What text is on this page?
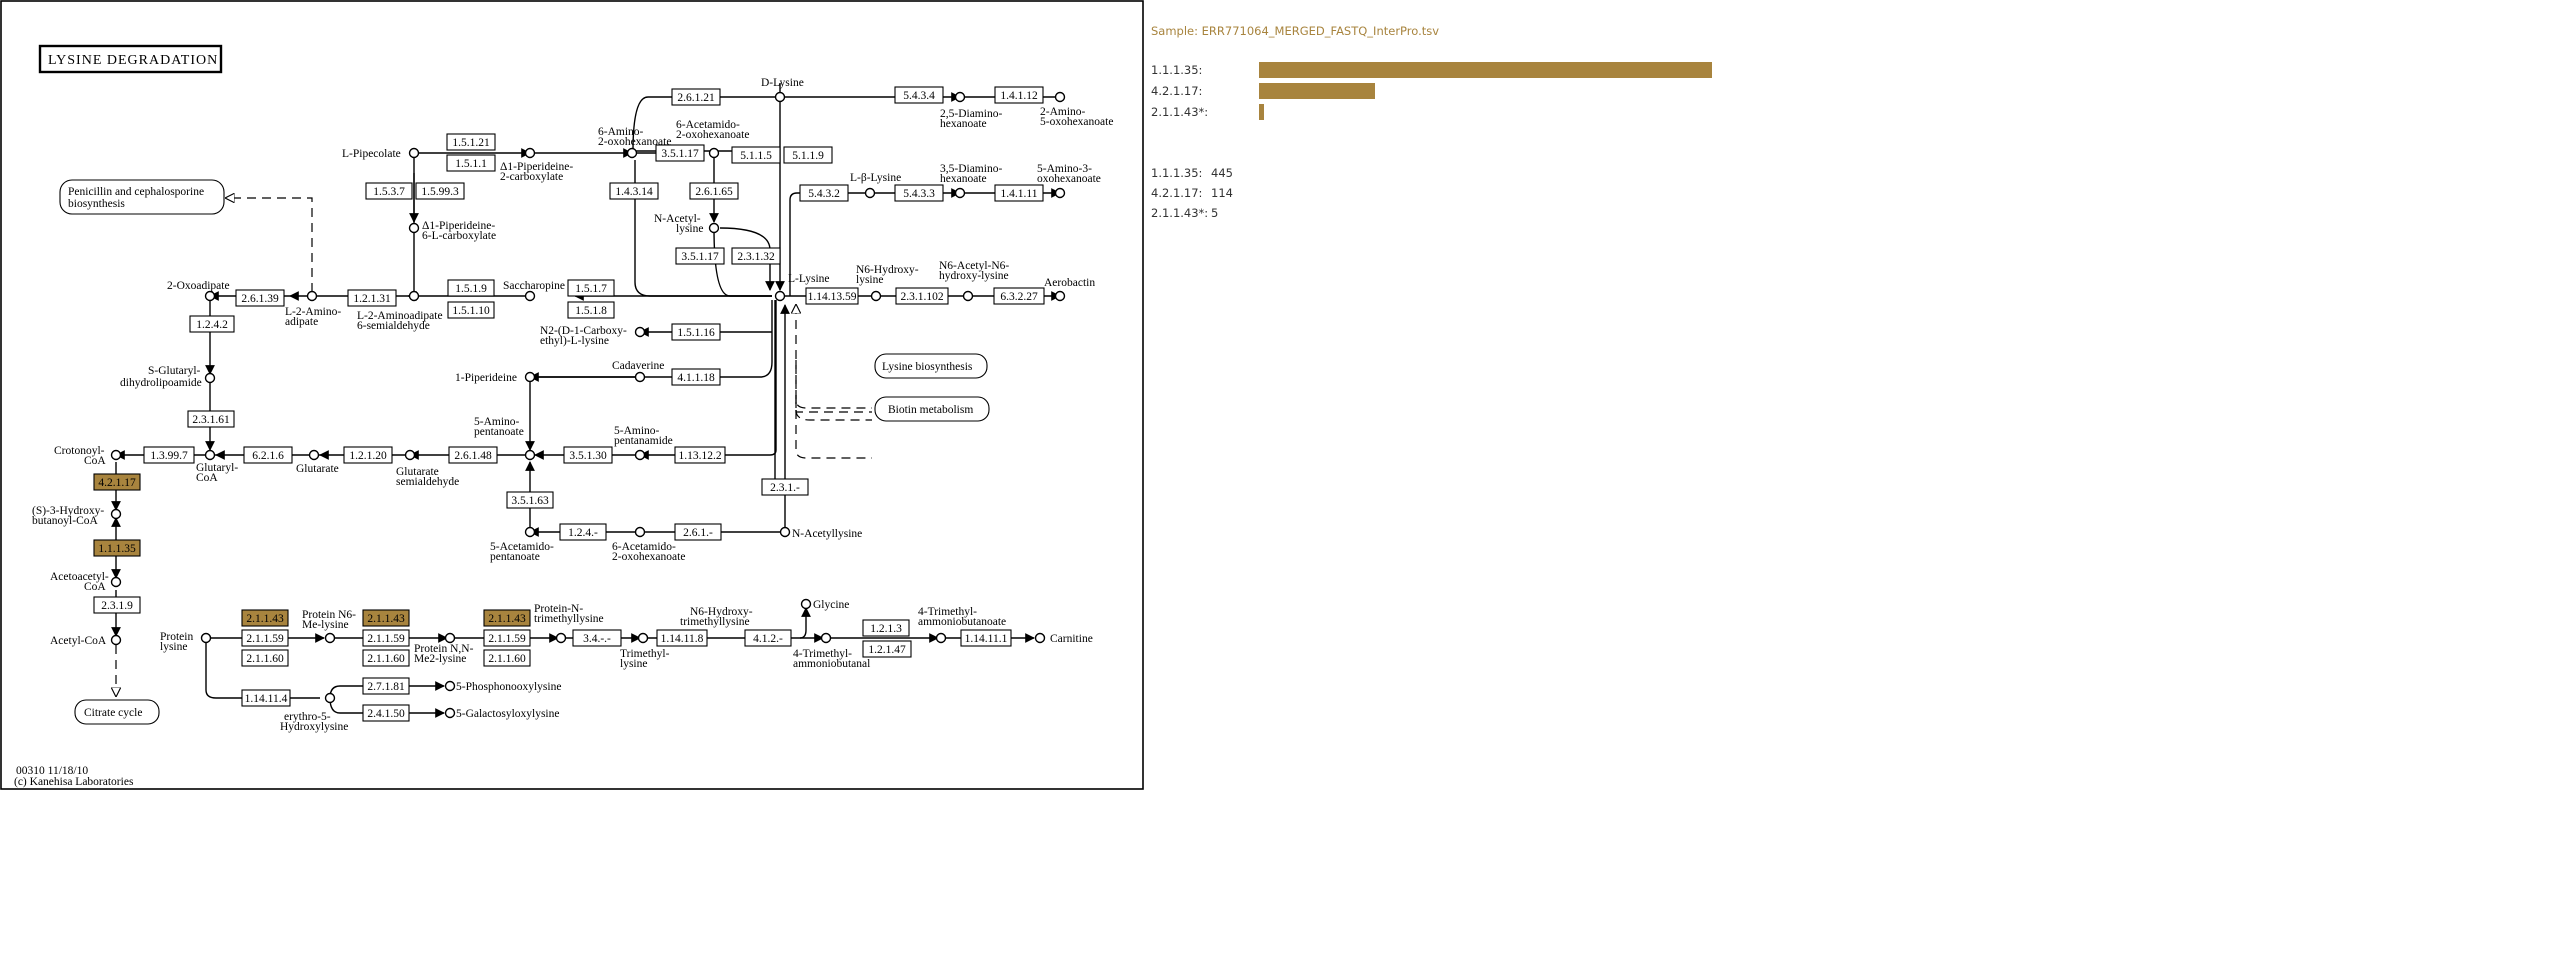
LYSINE DEGRADATION
Penicillin and cephalosporine
biosynthesis
Lysine biosynthesis
Biotin metabolism
Citrate cycle
2.6.1.21	5.4.3.4	1.4.1.12
1.5.1.21
1.5.1.1
3.5.1.17	5.1.1.5 5.1.1.9
1.5.3.7 1.5.99.3	1.4.3.14	2.6.1.65	5.4.3.2	5.4.3.3	1.4.1.11
3.5.1.17 2.3.1.32
2.6.1.39	1.2.1.31
1.5.1.9
1.5.1.10
1.5.1.7
1.5.1.8
1.14.13.59	2.3.1.102	6.3.2.27
1.2.4.2
1.5.1.16
4.1.1.18
2.3.1.61
1.3.99.7	6.2.1.6	1.2.1.20	2.6.1.48	3.5.1.30	1.13.12.2
4.2.1.17	2.3.1.-
3.5.1.63
1.1.1.35
1.2.4.-	2.6.1.-
2.3.1.9
2.1.1.43
2.1.1.59
2.1.1.60
2.1.1.43
2.1.1.59
2.1.1.60
2.1.1.43
2.1.1.59
2.1.1.60
3.4.-.-	1.14.11.8	4.1.2.-
1.2.1.3
1.2.1.47
1.14.11.1
1.14.11.4
2.7.1.81
2.4.1.50
D-Lysine
2,5-Diamino-
hexanoate
2-Amino-
5-oxohexanoate
L-Pipecolate
6-Amino-
2-oxohexanoate
6-Acetamido-
2-oxohexanoate
Δ1-Piperideine-
2-carboxylate
Δ1-Piperideine-
6-L-carboxylate
L-β-Lysine
3,5-Diamino-
hexanoate
5-Amino-3-
oxohexanoate
N-Acetyl-
lysine
L-Lysine
N6-Hydroxy-
lysine
N6-Acetyl-N6-
hydroxy-lysine
Aerobactin
2-Oxoadipate
L-2-Amino-
adipate	L-2-Aminoadipate
6-semialdehyde
Saccharopine
N2-(D-1-Carboxy-
ethyl)-L-lysine
S-Glutaryl-
dihydrolipoamide
Cadaverine
1-Piperideine
5-Amino-
pentanoate	5-Amino-
pentanamide
Crotonoyl-
CoA
Glutaryl-
CoA
Glutarate	Glutarate
semialdehyde
(S)-3-Hydroxy-
butanoyl-CoA
Acetoacetyl-
CoA
Acetyl-CoA
N-Acetyllysine
5-Acetamido-
pentanoate
6-Acetamido-
2-oxohexanoate
Protein
lysine
Protein N6-
Me-lysine
Protein N,N-
Me2-lysine
Protein-N-
trimethyllysine
Trimethyl-
lysine
N6-Hydroxy-
trimethyllysine
Glycine
4-Trimethyl-
ammoniobutanal
4-Trimethyl-
ammoniobutanoate
Carnitine
5-Phosphonooxylysine
5-Galactosyloxylysine
erythro-5-
Hydroxylysine
00310 11/18/10
(c) Kanehisa Laboratories
Sample: ERR771064_MERGED_FASTQ_InterPro.tsv
1.1.1.35:
4.2.1.17:
2.1.1.43*:
1.1.1.35: 445
4.2.1.17: 114
2.1.1.43*: 5
